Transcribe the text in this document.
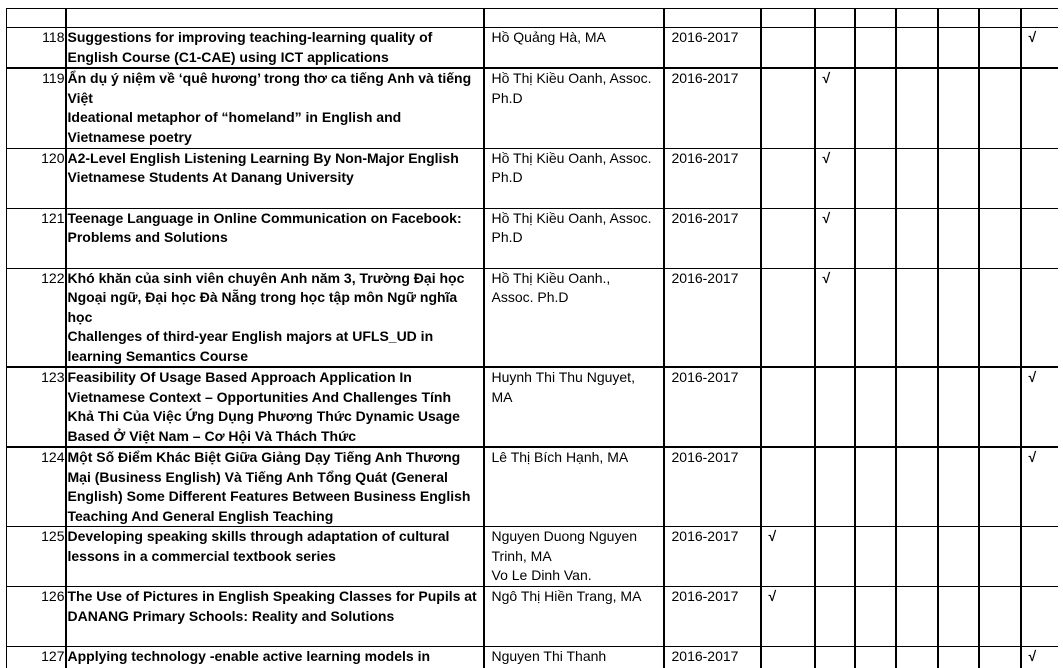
118	Suggestions for improving teaching-learning quality of
English Course (C1-CAE) using ICT applications	Hồ Quảng Hà, MA	2016-2017							√	
119	Ẩn dụ ý niệm về ‘quê hương’ trong thơ ca tiếng Anh và tiếng
Việt
Ideational metaphor of “homeland” in English and
Vietnamese poetry	Hồ Thị Kiều Oanh, Assoc.
Ph.D	2016-2017		√						
120	A2-Level English Listening Learning By Non-Major English
Vietnamese Students At Danang University	Hồ Thị Kiều Oanh, Assoc.
Ph.D	2016-2017		√						
121	Teenage Language in Online Communication on Facebook:
Problems and Solutions	Hồ Thị Kiều Oanh, Assoc.
Ph.D	2016-2017		√						
122	Khó khăn của sinh viên chuyên Anh năm 3, Trường Đại học
Ngoại ngữ, Đại học Đà Nẵng trong học tập môn Ngữ nghĩa
học
Challenges of third-year English majors at UFLS_UD in
learning Semantics Course	Hồ Thị Kiều Oanh.,
Assoc. Ph.D	2016-2017		√						
123	Feasibility Of Usage Based Approach Application In
Vietnamese Context – Opportunities And Challenges Tính
Khả Thi Của Việc Ứng Dụng Phương Thức Dynamic Usage
Based Ở Việt Nam – Cơ Hội Và Thách Thức	Huynh Thi Thu Nguyet,
MA	2016-2017							√	
124	Một Số Điểm Khác Biệt Giữa Giảng Dạy Tiếng Anh Thương
Mại (Business English) Và Tiếng Anh Tổng Quát (General
English) Some Different Features Between Business English
Teaching And General English Teaching	Lê Thị Bích Hạnh, MA	2016-2017							√	
125	Developing speaking skills through adaptation of cultural
lessons in a commercial textbook series	Nguyen Duong Nguyen
Trinh, MA
Vo Le Dinh Van.	2016-2017	√							
126	The Use of Pictures in English Speaking Classes for Pupils at
DANANG Primary Schools: Reality and Solutions	Ngô Thị Hiền Trang, MA	2016-2017	√							
127	Applying technology -enable active learning models in	Nguyen Thi Thanh	2016-2017							√	
